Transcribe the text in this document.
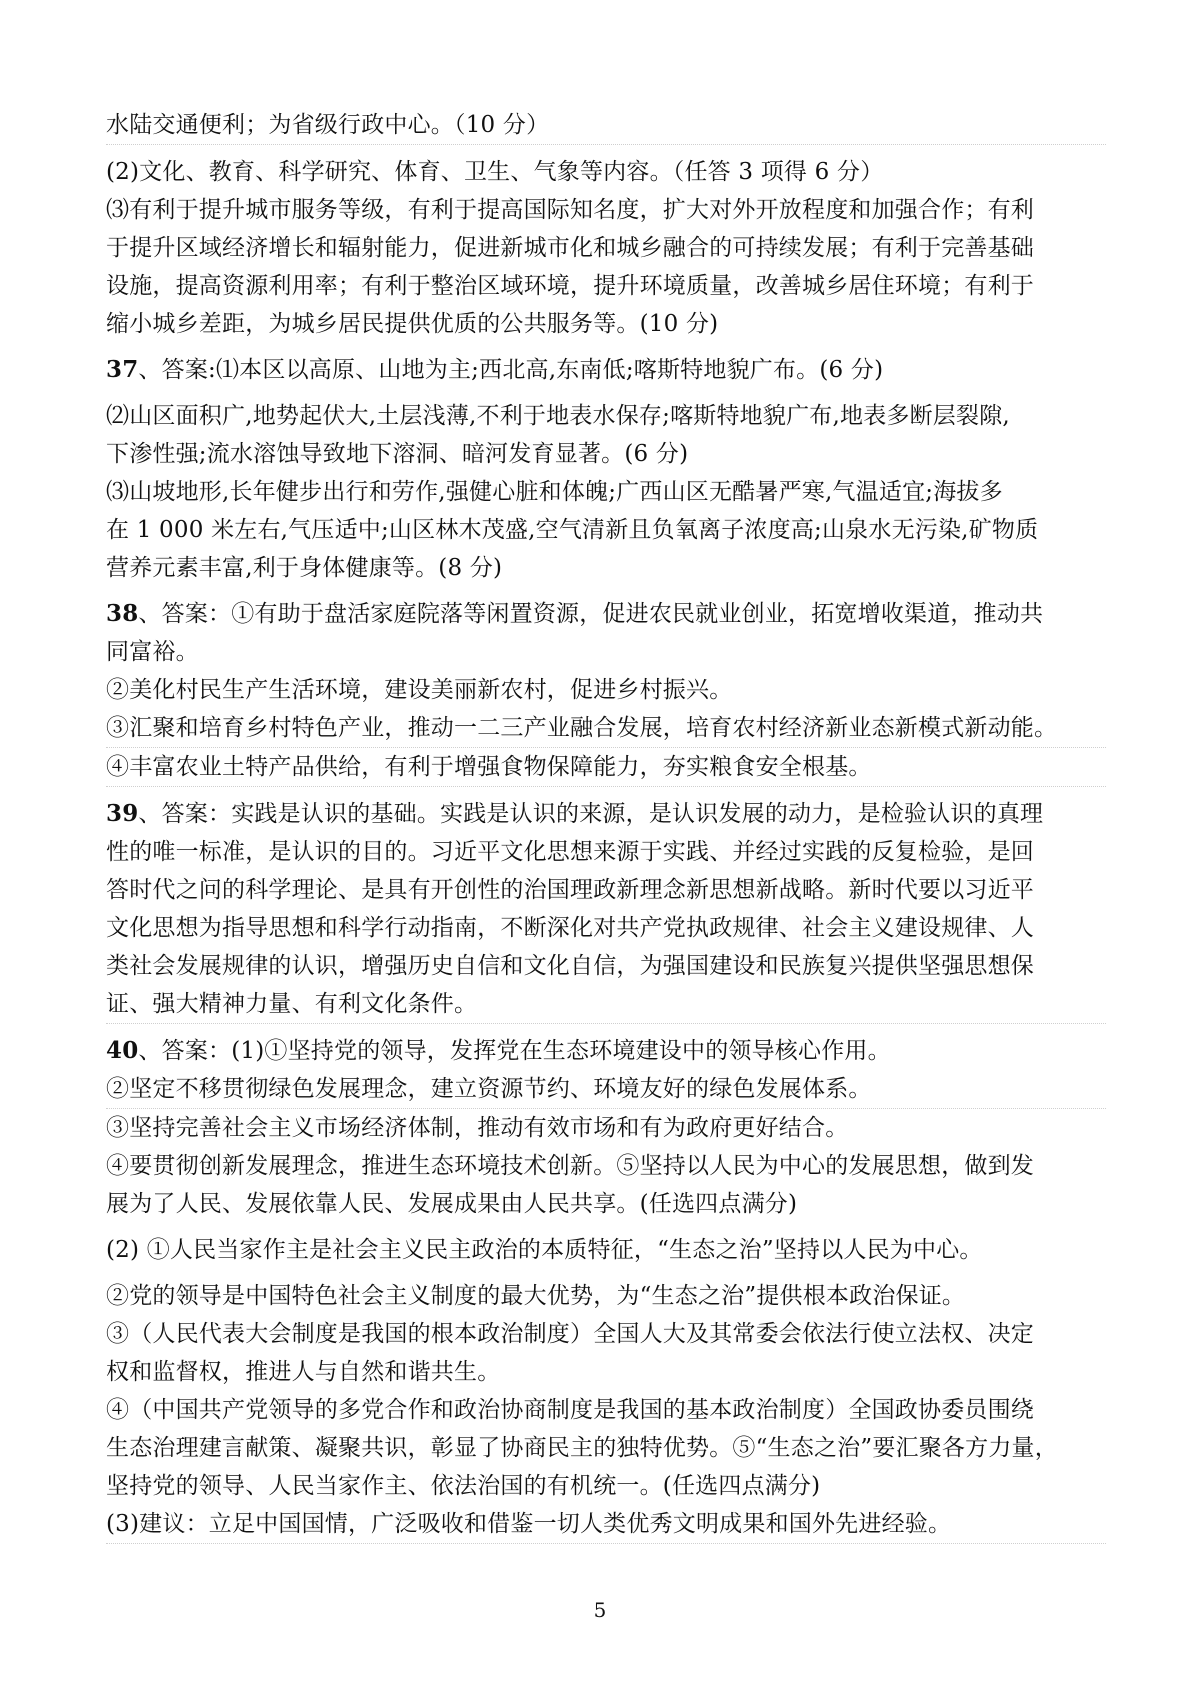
水陆交通便利；为省级行政中心。（10 分）
(2)文化、教育、科学研究、体育、卫生、气象等内容。（任答 3 项得 6 分）
⑶有利于提升城市服务等级，有利于提高国际知名度，扩大对外开放程度和加强合作；有利
于提升区域经济增长和辐射能力，促进新城市化和城乡融合的可持续发展；有利于完善基础
设施，提高资源利用率；有利于整治区域环境，提升环境质量，改善城乡居住环境；有利于
缩小城乡差距，为城乡居民提供优质的公共服务等。(10 分)
37、答案:⑴本区以高原、山地为主;西北高,东南低;喀斯特地貌广布。(6 分)
⑵山区面积广,地势起伏大,土层浅薄,不利于地表水保存;喀斯特地貌广布,地表多断层裂隙,
下渗性强;流水溶蚀导致地下溶洞、暗河发育显著。(6 分)
⑶山坡地形,长年健步出行和劳作,强健心脏和体魄;广西山区无酷暑严寒,气温适宜;海拔多
在 1 000 米左右,气压适中;山区林木茂盛,空气清新且负氧离子浓度高;山泉水无污染,矿物质
营养元素丰富,利于身体健康等。(8 分)
38、答案：①有助于盘活家庭院落等闲置资源，促进农民就业创业，拓宽增收渠道，推动共
同富裕。
②美化村民生产生活环境，建设美丽新农村，促进乡村振兴。
③汇聚和培育乡村特色产业，推动一二三产业融合发展，培育农村经济新业态新模式新动能。
④丰富农业土特产品供给，有利于增强食物保障能力，夯实粮食安全根基。
39、答案：实践是认识的基础。实践是认识的来源，是认识发展的动力，是检验认识的真理
性的唯一标准，是认识的目的。习近平文化思想来源于实践、并经过实践的反复检验，是回
答时代之问的科学理论、是具有开创性的治国理政新理念新思想新战略。新时代要以习近平
文化思想为指导思想和科学行动指南，不断深化对共产党执政规律、社会主义建设规律、人
类社会发展规律的认识，增强历史自信和文化自信，为强国建设和民族复兴提供坚强思想保
证、强大精神力量、有利文化条件。
40、答案：(1)①坚持党的领导，发挥党在生态环境建设中的领导核心作用。
②坚定不移贯彻绿色发展理念，建立资源节约、环境友好的绿色发展体系。
③坚持完善社会主义市场经济体制，推动有效市场和有为政府更好结合。
④要贯彻创新发展理念，推进生态环境技术创新。⑤坚持以人民为中心的发展思想，做到发
展为了人民、发展依靠人民、发展成果由人民共享。(任选四点满分)
(2) ①人民当家作主是社会主义民主政治的本质特征，“生态之治”坚持以人民为中心。
②党的领导是中国特色社会主义制度的最大优势，为“生态之治”提供根本政治保证。
③（人民代表大会制度是我国的根本政治制度）全国人大及其常委会依法行使立法权、决定
权和监督权，推进人与自然和谐共生。
④（中国共产党领导的多党合作和政治协商制度是我国的基本政治制度）全国政协委员围绕
生态治理建言献策、凝聚共识，彰显了协商民主的独特优势。⑤“生态之治”要汇聚各方力量，
坚持党的领导、人民当家作主、依法治国的有机统一。(任选四点满分)
(3)建议：立足中国国情，广泛吸收和借鉴一切人类优秀文明成果和国外先进经验。
5
